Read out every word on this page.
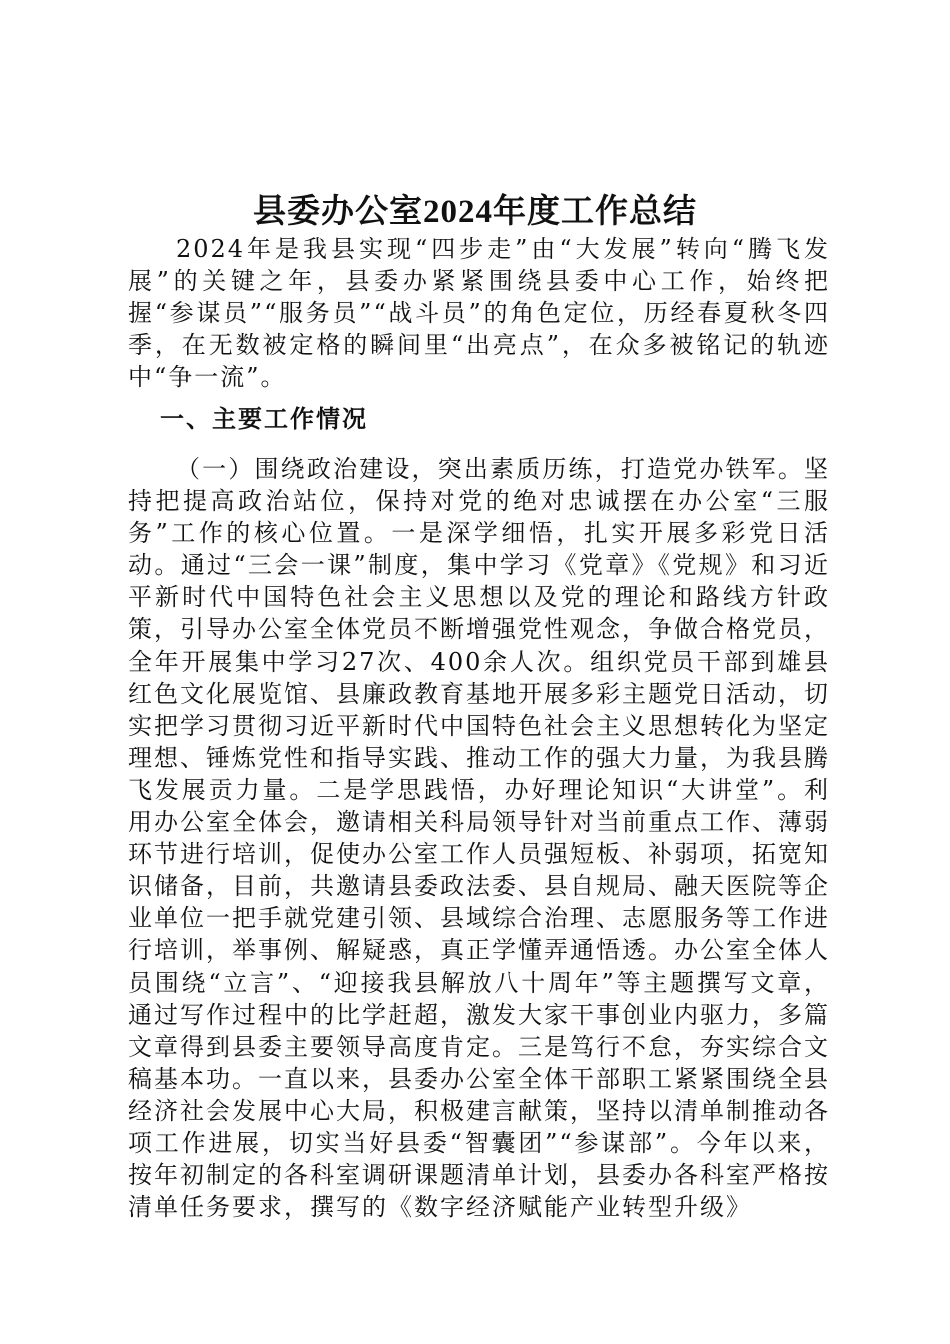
县委办公室2024年度工作总结

2024年是我县实现“四步走”由“大发展”转向“腾飞发展”的关键之年，县委办紧紧围绕县委中心工作，始终把握“参谋员”“服务员”“战斗员”的角色定位，历经春夏秋冬四季，在无数被定格的瞬间里“出亮点”，在众多被铭记的轨迹中“争一流”。

一、主要工作情况

（一）围绕政治建设，突出素质历练，打造党办铁军。坚持把提高政治站位，保持对党的绝对忠诚摆在办公室“三服务”工作的核心位置。一是深学细悟，扎实开展多彩党日活动。通过“三会一课”制度，集中学习《党章》《党规》和习近平新时代中国特色社会主义思想以及党的理论和路线方针政策，引导办公室全体党员不断增强党性观念，争做合格党员，全年开展集中学习27次、400余人次。组织党员干部到雄县红色文化展览馆、县廉政教育基地开展多彩主题党日活动，切实把学习贯彻习近平新时代中国特色社会主义思想转化为坚定理想、锤炼党性和指导实践、推动工作的强大力量，为我县腾飞发展贡力量。二是学思践悟，办好理论知识“大讲堂”。利用办公室全体会，邀请相关科局领导针对当前重点工作、薄弱环节进行培训，促使办公室工作人员强短板、补弱项，拓宽知识储备，目前，共邀请县委政法委、县自规局、融天医院等企业单位一把手就党建引领、县域综合治理、志愿服务等工作进行培训，举事例、解疑惑，真正学懂弄通悟透。办公室全体人员围绕“立言”、“迎接我县解放八十周年”等主题撰写文章，通过写作过程中的比学赶超，激发大家干事创业内驱力，多篇文章得到县委主要领导高度肯定。三是笃行不怠，夯实综合文稿基本功。一直以来，县委办公室全体干部职工紧紧围绕全县经济社会发展中心大局，积极建言献策，坚持以清单制推动各项工作进展，切实当好县委“智囊团”“参谋部”。今年以来，按年初制定的各科室调研课题清单计划，县委办各科室严格按清单任务要求，撰写的《数字经济赋能产业转型升级》
